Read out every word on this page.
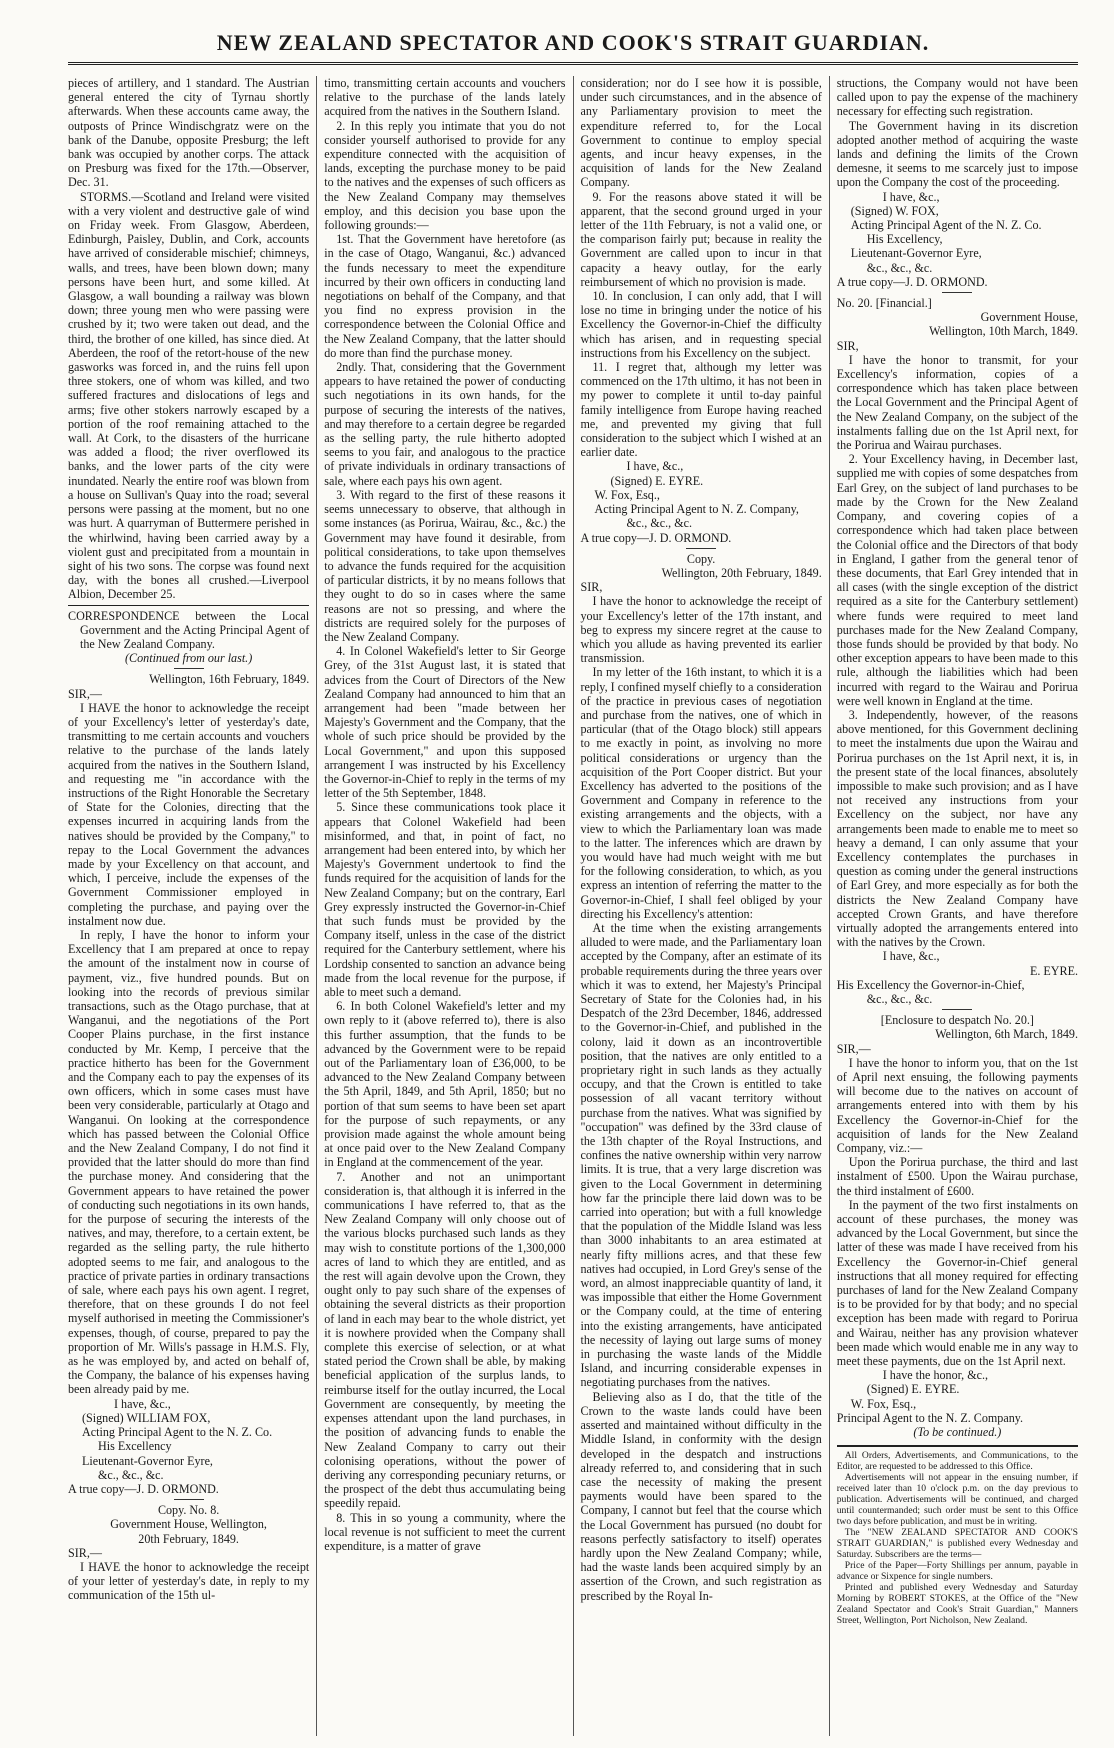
NEW ZEALAND SPECTATOR AND COOK'S STRAIT GUARDIAN.

pieces of artillery, and 1 standard. The Austrian general entered the city of Tyrnau shortly afterwards. When these accounts came away, the outposts of Prince Windischgratz were on the bank of the Danube, opposite Presburg; the left bank was occupied by another corps. The attack on Presburg was fixed for the 17th.—Observer, Dec. 31.

STORMS.—Scotland and Ireland were visited with a very violent and destructive gale of wind on Friday week. From Glasgow, Aberdeen, Edinburgh, Paisley, Dublin, and Cork, accounts have arrived of considerable mischief; chimneys, walls, and trees, have been blown down; many persons have been hurt, and some killed. At Glasgow, a wall bounding a railway was blown down; three young men who were passing were crushed by it; two were taken out dead, and the third, the brother of one killed, has since died. At Aberdeen, the roof of the retort-house of the new gasworks was forced in, and the ruins fell upon three stokers, one of whom was killed, and two suffered fractures and dislocations of legs and arms; five other stokers narrowly escaped by a portion of the roof remaining attached to the wall. At Cork, to the disasters of the hurricane was added a flood; the river overflowed its banks, and the lower parts of the city were inundated. Nearly the entire roof was blown from a house on Sullivan's Quay into the road; several persons were passing at the moment, but no one was hurt. A quarryman of Buttermere perished in the whirlwind, having been carried away by a violent gust and precipitated from a mountain in sight of his two sons. The corpse was found next day, with the bones all crushed.—Liverpool Albion, December 25.

CORRESPONDENCE between the Local Government and the Acting Principal Agent of the New Zealand Company.

(Continued from our last.)

Wellington, 16th February, 1849.

SIR,—

I HAVE the honor to acknowledge the receipt of your Excellency's letter of yesterday's date, transmitting to me certain accounts and vouchers relative to the purchase of the lands lately acquired from the natives in the Southern Island, and requesting me "in accordance with the instructions of the Right Honorable the Secretary of State for the Colonies, directing that the expenses incurred in acquiring lands from the natives should be provided by the Company," to repay to the Local Government the advances made by your Excellency on that account, and which, I perceive, include the expenses of the Government Commissioner employed in completing the purchase, and paying over the instalment now due.

In reply, I have the honor to inform your Excellency that I am prepared at once to repay the amount of the instalment now in course of payment, viz., five hundred pounds. But on looking into the records of previous similar transactions, such as the Otago purchase, that at Wanganui, and the negotiations of the Port Cooper Plains purchase, in the first instance conducted by Mr. Kemp, I perceive that the practice hitherto has been for the Government and the Company each to pay the expenses of its own officers, which in some cases must have been very considerable, particularly at Otago and Wanganui. On looking at the correspondence which has passed between the Colonial Office and the New Zealand Company, I do not find it provided that the latter should do more than find the purchase money. And considering that the Government appears to have retained the power of conducting such negotiations in its own hands, for the purpose of securing the interests of the natives, and may, therefore, to a certain extent, be regarded as the selling party, the rule hitherto adopted seems to me fair, and analogous to the practice of private parties in ordinary transactions of sale, where each pays his own agent. I regret, therefore, that on these grounds I do not feel myself authorised in meeting the Commissioner's expenses, though, of course, prepared to pay the proportion of Mr. Wills's passage in H.M.S. Fly, as he was employed by, and acted on behalf of, the Company, the balance of his expenses having been already paid by me.

I have, &c.,

(Signed) WILLIAM FOX,

Acting Principal Agent to the N. Z. Co.

His Excellency

Lieutenant-Governor Eyre,

&c., &c., &c.

A true copy—J. D. ORMOND.

Copy. No. 8.

Government House, Wellington,

20th February, 1849.

SIR,—

I HAVE the honor to acknowledge the receipt of your letter of yesterday's date, in reply to my communication of the 15th ul-

timo, transmitting certain accounts and vouchers relative to the purchase of the lands lately acquired from the natives in the Southern Island.

2. In this reply you intimate that you do not consider yourself authorised to provide for any expenditure connected with the acquisition of lands, excepting the purchase money to be paid to the natives and the expenses of such officers as the New Zealand Company may themselves employ, and this decision you base upon the following grounds:—

1st. That the Government have heretofore (as in the case of Otago, Wanganui, &c.) advanced the funds necessary to meet the expenditure incurred by their own officers in conducting land negotiations on behalf of the Company, and that you find no express provision in the correspondence between the Colonial Office and the New Zealand Company, that the latter should do more than find the purchase money.

2ndly. That, considering that the Government appears to have retained the power of conducting such negotiations in its own hands, for the purpose of securing the interests of the natives, and may therefore to a certain degree be regarded as the selling party, the rule hitherto adopted seems to you fair, and analogous to the practice of private individuals in ordinary transactions of sale, where each pays his own agent.

3. With regard to the first of these reasons it seems unnecessary to observe, that although in some instances (as Porirua, Wairau, &c., &c.) the Government may have found it desirable, from political considerations, to take upon themselves to advance the funds required for the acquisition of particular districts, it by no means follows that they ought to do so in cases where the same reasons are not so pressing, and where the districts are required solely for the purposes of the New Zealand Company.

4. In Colonel Wakefield's letter to Sir George Grey, of the 31st August last, it is stated that advices from the Court of Directors of the New Zealand Company had announced to him that an arrangement had been "made between her Majesty's Government and the Company, that the whole of such price should be provided by the Local Government," and upon this supposed arrangement I was instructed by his Excellency the Governor-in-Chief to reply in the terms of my letter of the 5th September, 1848.

5. Since these communications took place it appears that Colonel Wakefield had been misinformed, and that, in point of fact, no arrangement had been entered into, by which her Majesty's Government undertook to find the funds required for the acquisition of lands for the New Zealand Company; but on the contrary, Earl Grey expressly instructed the Governor-in-Chief that such funds must be provided by the Company itself, unless in the case of the district required for the Canterbury settlement, where his Lordship consented to sanction an advance being made from the local revenue for the purpose, if able to meet such a demand.

6. In both Colonel Wakefield's letter and my own reply to it (above referred to), there is also this further assumption, that the funds to be advanced by the Government were to be repaid out of the Parliamentary loan of £36,000, to be advanced to the New Zealand Company between the 5th April, 1849, and 5th April, 1850; but no portion of that sum seems to have been set apart for the purpose of such repayments, or any provision made against the whole amount being at once paid over to the New Zealand Company in England at the commencement of the year.

7. Another and not an unimportant consideration is, that although it is inferred in the communications I have referred to, that as the New Zealand Company will only choose out of the various blocks purchased such lands as they may wish to constitute portions of the 1,300,000 acres of land to which they are entitled, and as the rest will again devolve upon the Crown, they ought only to pay such share of the expenses of obtaining the several districts as their proportion of land in each may bear to the whole district, yet it is nowhere provided when the Company shall complete this exercise of selection, or at what stated period the Crown shall be able, by making beneficial application of the surplus lands, to reimburse itself for the outlay incurred, the Local Government are consequently, by meeting the expenses attendant upon the land purchases, in the position of advancing funds to enable the New Zealand Company to carry out their colonising operations, without the power of deriving any corresponding pecuniary returns, or the prospect of the debt thus accumulating being speedily repaid.

8. This in so young a community, where the local revenue is not sufficient to meet the current expenditure, is a matter of grave

consideration; nor do I see how it is possible, under such circumstances, and in the absence of any Parliamentary provision to meet the expenditure referred to, for the Local Government to continue to employ special agents, and incur heavy expenses, in the acquisition of lands for the New Zealand Company.

9. For the reasons above stated it will be apparent, that the second ground urged in your letter of the 11th February, is not a valid one, or the comparison fairly put; because in reality the Government are called upon to incur in that capacity a heavy outlay, for the early reimbursement of which no provision is made.

10. In conclusion, I can only add, that I will lose no time in bringing under the notice of his Excellency the Governor-in-Chief the difficulty which has arisen, and in requesting special instructions from his Excellency on the subject.

11. I regret that, although my letter was commenced on the 17th ultimo, it has not been in my power to complete it until to-day painful family intelligence from Europe having reached me, and prevented my giving that full consideration to the subject which I wished at an earlier date.

I have, &c.,

(Signed) E. EYRE.

W. Fox, Esq.,

Acting Principal Agent to N. Z. Company,

&c., &c., &c.

A true copy—J. D. ORMOND.

Copy.

Wellington, 20th February, 1849.

SIR,

I have the honor to acknowledge the receipt of your Excellency's letter of the 17th instant, and beg to express my sincere regret at the cause to which you allude as having prevented its earlier transmission.

In my letter of the 16th instant, to which it is a reply, I confined myself chiefly to a consideration of the practice in previous cases of negotiation and purchase from the natives, one of which in particular (that of the Otago block) still appears to me exactly in point, as involving no more political considerations or urgency than the acquisition of the Port Cooper district. But your Excellency has adverted to the positions of the Government and Company in reference to the existing arrangements and the objects, with a view to which the Parliamentary loan was made to the latter. The inferences which are drawn by you would have had much weight with me but for the following consideration, to which, as you express an intention of referring the matter to the Governor-in-Chief, I shall feel obliged by your directing his Excellency's attention:

At the time when the existing arrangements alluded to were made, and the Parliamentary loan accepted by the Company, after an estimate of its probable requirements during the three years over which it was to extend, her Majesty's Principal Secretary of State for the Colonies had, in his Despatch of the 23rd December, 1846, addressed to the Governor-in-Chief, and published in the colony, laid it down as an incontrovertible position, that the natives are only entitled to a proprietary right in such lands as they actually occupy, and that the Crown is entitled to take possession of all vacant territory without purchase from the natives. What was signified by "occupation" was defined by the 33rd clause of the 13th chapter of the Royal Instructions, and confines the native ownership within very narrow limits. It is true, that a very large discretion was given to the Local Government in determining how far the principle there laid down was to be carried into operation; but with a full knowledge that the population of the Middle Island was less than 3000 inhabitants to an area estimated at nearly fifty millions acres, and that these few natives had occupied, in Lord Grey's sense of the word, an almost inappreciable quantity of land, it was impossible that either the Home Government or the Company could, at the time of entering into the existing arrangements, have anticipated the necessity of laying out large sums of money in purchasing the waste lands of the Middle Island, and incurring considerable expenses in negotiating purchases from the natives.

Believing also as I do, that the title of the Crown to the waste lands could have been asserted and maintained without difficulty in the Middle Island, in conformity with the design developed in the despatch and instructions already referred to, and considering that in such case the necessity of making the present payments would have been spared to the Company, I cannot but feel that the course which the Local Government has pursued (no doubt for reasons perfectly satisfactory to itself) operates hardly upon the New Zealand Company; while, had the waste lands been acquired simply by an assertion of the Crown, and such registration as prescribed by the Royal In-

structions, the Company would not have been called upon to pay the expense of the machinery necessary for effecting such registration.

The Government having in its discretion adopted another method of acquiring the waste lands and defining the limits of the Crown demesne, it seems to me scarcely just to impose upon the Company the cost of the proceeding.

I have, &c.,

(Signed) W. FOX,

Acting Principal Agent of the N. Z. Co.

His Excellency,

Lieutenant-Governor Eyre,

&c., &c., &c.

A true copy—J. D. ORMOND.

No. 20. [Financial.]

Government House,

Wellington, 10th March, 1849.

SIR,

I have the honor to transmit, for your Excellency's information, copies of a correspondence which has taken place between the Local Government and the Principal Agent of the New Zealand Company, on the subject of the instalments falling due on the 1st April next, for the Porirua and Wairau purchases.

2. Your Excellency having, in December last, supplied me with copies of some despatches from Earl Grey, on the subject of land purchases to be made by the Crown for the New Zealand Company, and covering copies of a correspondence which had taken place between the Colonial office and the Directors of that body in England, I gather from the general tenor of these documents, that Earl Grey intended that in all cases (with the single exception of the district required as a site for the Canterbury settlement) where funds were required to meet land purchases made for the New Zealand Company, those funds should be provided by that body. No other exception appears to have been made to this rule, although the liabilities which had been incurred with regard to the Wairau and Porirua were well known in England at the time.

3. Independently, however, of the reasons above mentioned, for this Government declining to meet the instalments due upon the Wairau and Porirua purchases on the 1st April next, it is, in the present state of the local finances, absolutely impossible to make such provision; and as I have not received any instructions from your Excellency on the subject, nor have any arrangements been made to enable me to meet so heavy a demand, I can only assume that your Excellency contemplates the purchases in question as coming under the general instructions of Earl Grey, and more especially as for both the districts the New Zealand Company have accepted Crown Grants, and have therefore virtually adopted the arrangements entered into with the natives by the Crown.

I have, &c.,

E. EYRE.

His Excellency the Governor-in-Chief,

&c., &c., &c.

[Enclosure to despatch No. 20.]

Wellington, 6th March, 1849.

SIR,—

I have the honor to inform you, that on the 1st of April next ensuing, the following payments will become due to the natives on account of arrangements entered into with them by his Excellency the Governor-in-Chief for the acquisition of lands for the New Zealand Company, viz.:—

Upon the Porirua purchase, the third and last instalment of £500. Upon the Wairau purchase, the third instalment of £600.

In the payment of the two first instalments on account of these purchases, the money was advanced by the Local Government, but since the latter of these was made I have received from his Excellency the Governor-in-Chief general instructions that all money required for effecting purchases of land for the New Zealand Company is to be provided for by that body; and no special exception has been made with regard to Porirua and Wairau, neither has any provision whatever been made which would enable me in any way to meet these payments, due on the 1st April next.

I have the honor, &c.,

(Signed) E. EYRE.

W. Fox, Esq.,

Principal Agent to the N. Z. Company.

(To be continued.)

All Orders, Advertisements, and Communications, to the Editor, are requested to be addressed to this Office.

Advertisements will not appear in the ensuing number, if received later than 10 o'clock p.m. on the day previous to publication. Advertisements will be continued, and charged until countermanded; such order must be sent to this Office two days before publication, and must be in writing.

The "NEW ZEALAND SPECTATOR AND COOK'S STRAIT GUARDIAN," is published every Wednesday and Saturday. Subscribers are the terms—

Price of the Paper—Forty Shillings per annum, payable in advance or Sixpence for single numbers.

Printed and published every Wednesday and Saturday Morning by ROBERT STOKES, at the Office of the "New Zealand Spectator and Cook's Strait Guardian," Manners Street, Wellington, Port Nicholson, New Zealand.
